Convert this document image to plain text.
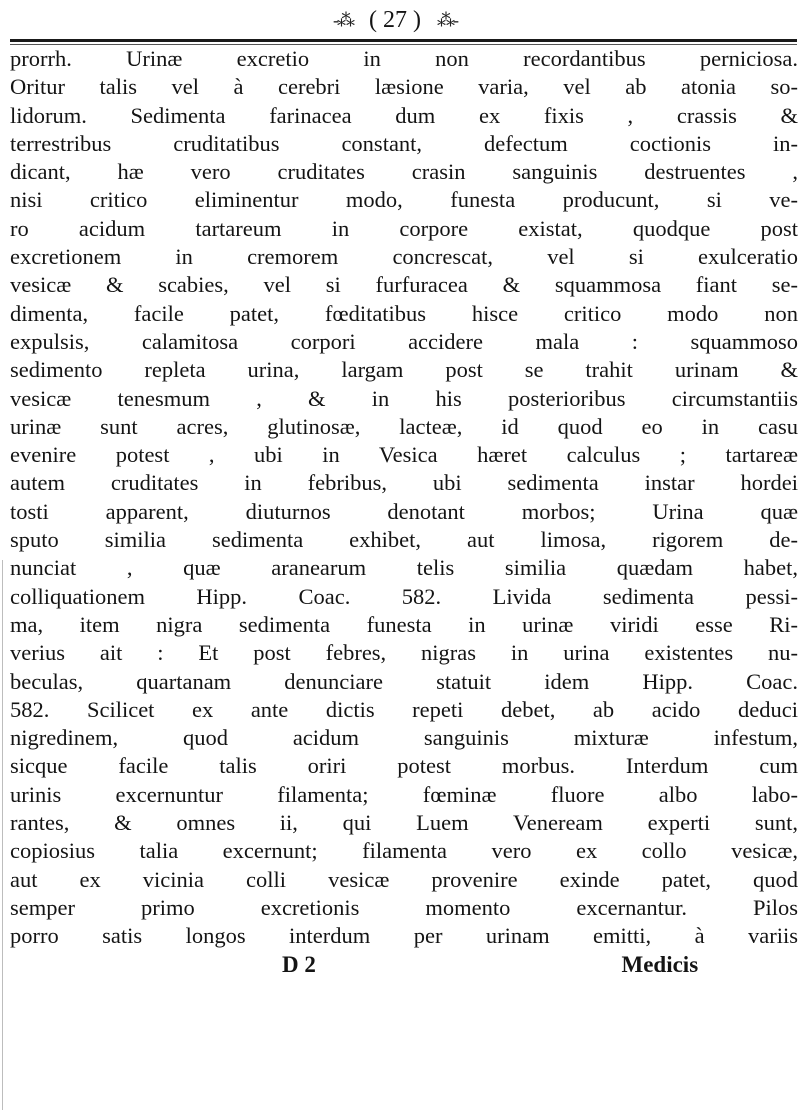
-⁂ ( 27 ) ⁂-
prorrh. Urinæ excretio in non recordantibus perniciosa.
Oritur talis vel à cerebri læsione varia, vel ab atonia so-
lidorum. Sedimenta farinacea dum ex fixis , crassis &
terrestribus cruditatibus constant, defectum coctionis in-
dicant, hæ vero cruditates crasin sanguinis destruentes ,
nisi critico eliminentur modo, funesta producunt, si ve-
ro acidum tartareum in corpore existat, quodque post
excretionem in cremorem concrescat, vel si exulceratio
vesicæ & scabies, vel si furfuracea & squammosa fiant se-
dimenta, facile patet, fœditatibus hisce critico modo non
expulsis, calamitosa corpori accidere mala : squammoso
sedimento repleta urina, largam post se trahit urinam &
vesicæ tenesmum , & in his posterioribus circumstantiis
urinæ sunt acres, glutinosæ, lacteæ, id quod eo in casu
evenire potest , ubi in Vesica hæret calculus ; tartareæ
autem cruditates in febribus, ubi sedimenta instar hordei
tosti apparent, diuturnos denotant morbos; Urina quæ
sputo similia sedimenta exhibet, aut limosa, rigorem de-
nunciat , quæ aranearum telis similia quædam habet,
colliquationem Hipp. Coac. 582. Livida sedimenta pessi-
ma, item nigra sedimenta funesta in urinæ viridi esse Ri-
verius ait : Et post febres, nigras in urina existentes nu-
beculas, quartanam denunciare statuit idem Hipp. Coac.
582. Scilicet ex ante dictis repeti debet, ab acido deduci
nigredinem, quod acidum sanguinis mixturæ infestum,
sicque facile talis oriri potest morbus. Interdum cum
urinis excernuntur filamenta; fœminæ fluore albo labo-
rantes, & omnes ii, qui Luem Veneream experti sunt,
copiosius talia excernunt; filamenta vero ex collo vesicæ,
aut ex vicinia colli vesicæ provenire exinde patet, quod
semper primo excretionis momento excernantur. Pilos
porro satis longos interdum per urinam emitti, à variis
D 2	Medicis
